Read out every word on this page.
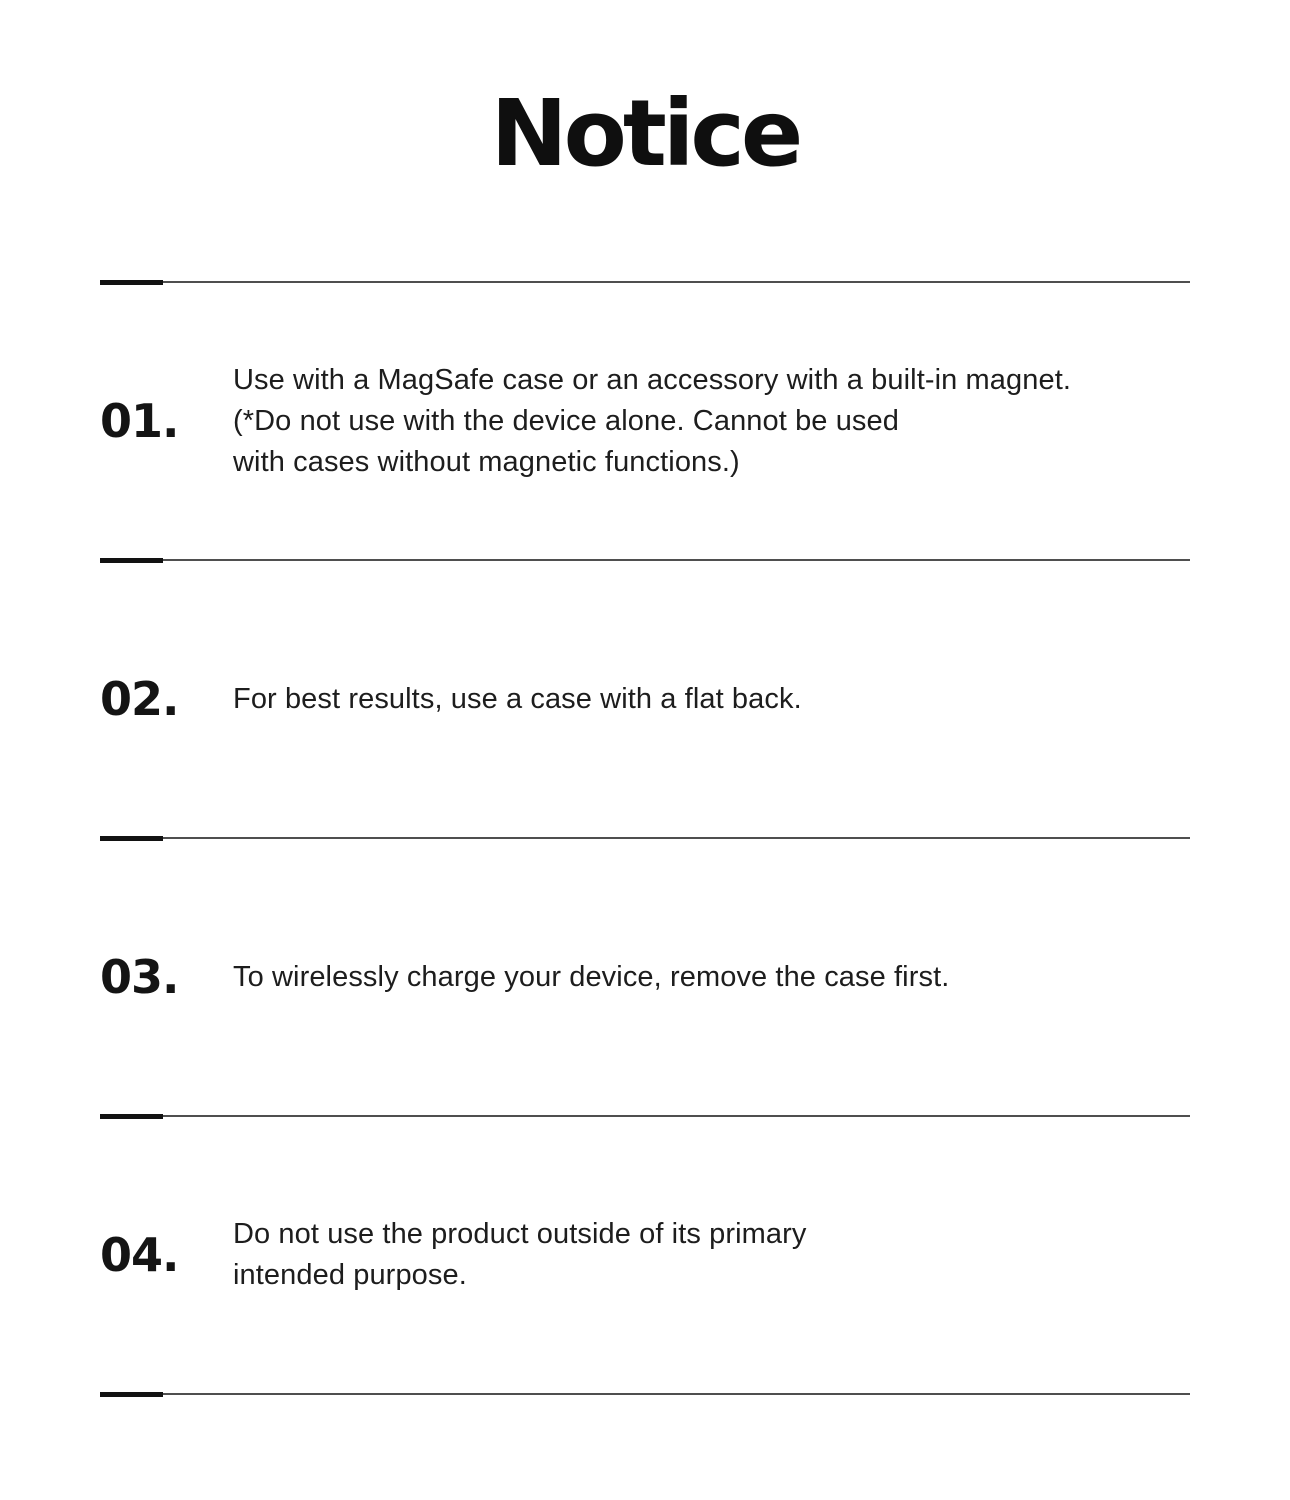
Notice
01.
Use with a MagSafe case or an accessory with a built-in magnet.
(*Do not use with the device alone. Cannot be used
with cases without magnetic functions.)
02.	For best results, use a case with a flat back.
03.	To wirelessly charge your device, remove the case first.
04.	Do not use the product outside of its primary
intended purpose.
